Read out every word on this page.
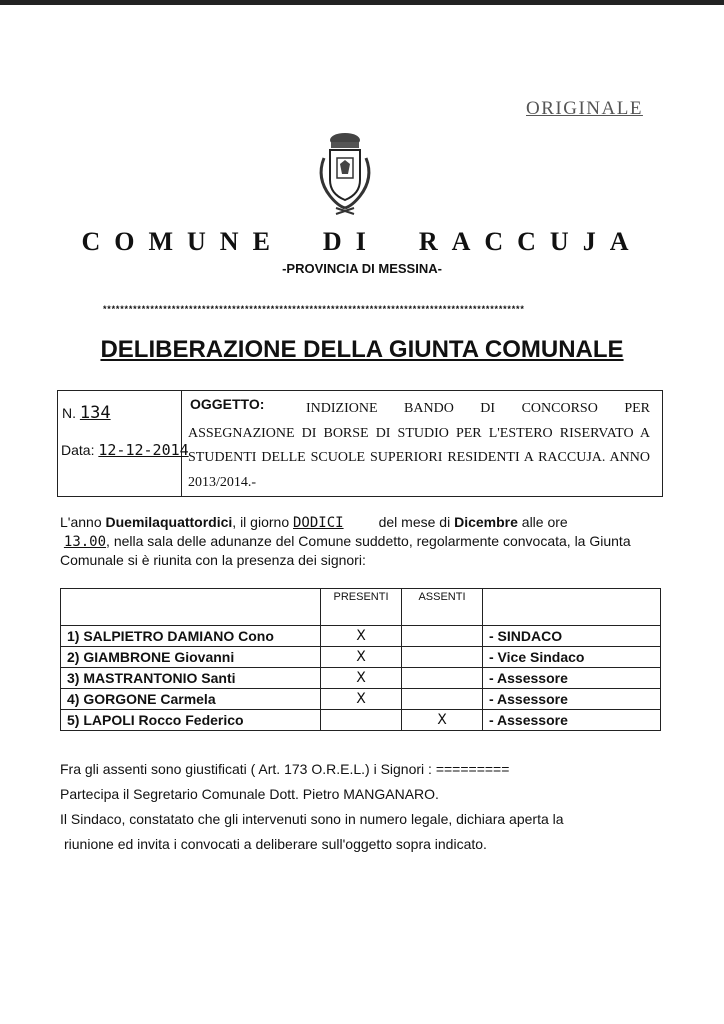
ORIGINALE
COMUNE DI RACCUJA
-PROVINCIA DI MESSINA-
**************************************************************************************************
DELIBERAZIONE DELLA GIUNTA COMUNALE
N. 134
Data: 12-12-2014
OGGETTO:	INDIZIONE BANDO DI CONCORSO PER ASSEGNAZIONE DI BORSE DI STUDIO PER L'ESTERO RISERVATO A STUDENTI DELLE SCUOLE SUPERIORI RESIDENTI A RACCUJA. ANNO 2013/2014.-
L'anno Duemilaquattordici, il giorno DODICI         del mese di Dicembre alle ore
13.00, nella sala delle adunanze del Comune suddetto, regolarmente convocata, la Giunta Comunale si è riunita con la presenza dei signori:
	PRESENTI	ASSENTI	
1) SALPIETRO DAMIANO Cono	X		- SINDACO
2) GIAMBRONE Giovanni	X		- Vice Sindaco
3) MASTRANTONIO Santi	X		- Assessore
4) GORGONE Carmela	X		- Assessore
5) LAPOLI Rocco Federico		X	- Assessore
Fra gli assenti sono giustificati ( Art. 173 O.R.E.L.) i Signori : =========
Partecipa il Segretario Comunale Dott. Pietro MANGANARO.
Il Sindaco, constatato che gli intervenuti sono in numero legale, dichiara aperta la
riunione ed invita i convocati a deliberare sull'oggetto sopra indicato.
